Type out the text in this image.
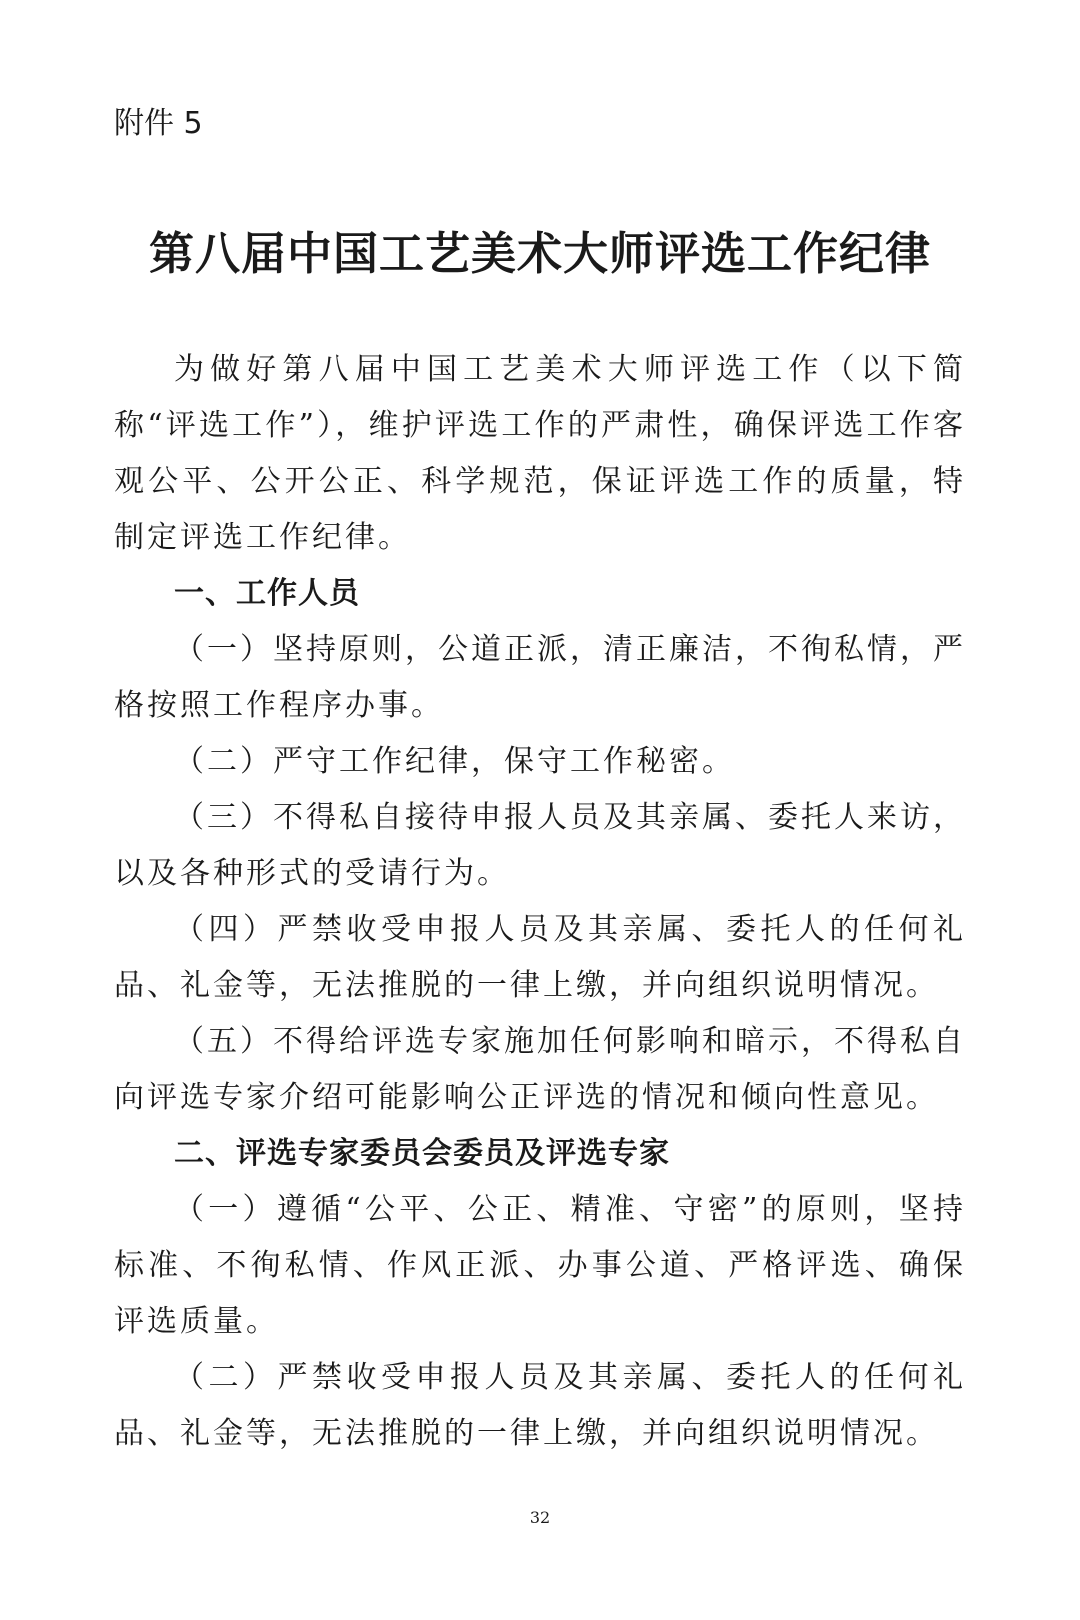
附件 5
第八届中国工艺美术大师评选工作纪律

为做好第八届中国工艺美术大师评选工作（以下简称“评选工作”），维护评选工作的严肃性，确保评选工作客观公平、公开公正、科学规范，保证评选工作的质量，特制定评选工作纪律。

一、工作人员

（一）坚持原则，公道正派，清正廉洁，不徇私情，严格按照工作程序办事。

（二）严守工作纪律，保守工作秘密。

（三）不得私自接待申报人员及其亲属、委托人来访，以及各种形式的受请行为。

（四）严禁收受申报人员及其亲属、委托人的任何礼品、礼金等，无法推脱的一律上缴，并向组织说明情况。

（五）不得给评选专家施加任何影响和暗示，不得私自向评选专家介绍可能影响公正评选的情况和倾向性意见。

二、评选专家委员会委员及评选专家

（一）遵循“公平、公正、精准、守密”的原则，坚持标准、不徇私情、作风正派、办事公道、严格评选、确保评选质量。

（二）严禁收受申报人员及其亲属、委托人的任何礼品、礼金等，无法推脱的一律上缴，并向组织说明情况。

32
